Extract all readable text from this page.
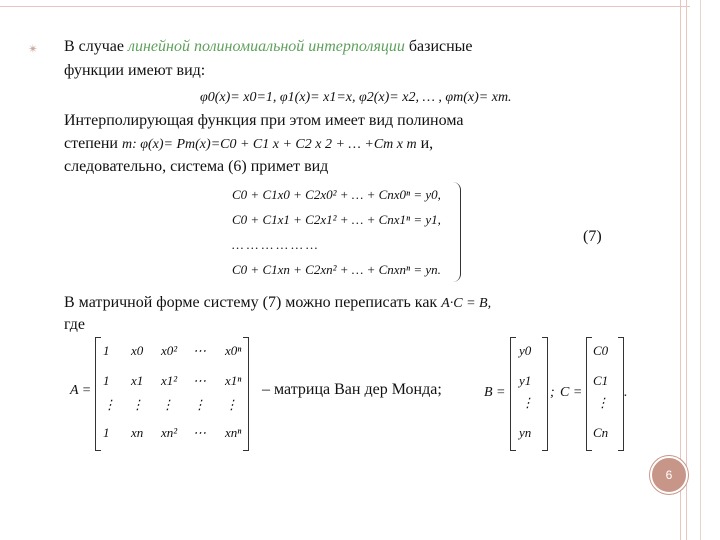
✴ В случае линейной полиномиальной интерполяции базисные
функции имеют вид:
φ0(x)= x0=1, φ1(x)= x1=x, φ2(x)= x2, … , φm(x)= xm.
Интерполирующая функция при этом имеет вид полинома
степени m: φ(x)= Pm(x)=C0 + C1 x + C2 x 2 + … +Cm x m и,
следовательно, система (6) примет вид
C0 + C1x0 + C2x0² + … + Cnx0ⁿ = y0,
C0 + C1x1 + C2x1² + … + Cnx1ⁿ = y1,
… … … … … …
C0 + C1xn + C2xn² + … + Cnxnⁿ = yn.
(7)
В матричной форме систему (7) можно переписать как A·C = B,
где
A =
1 x0 x0² ⋯ x0ⁿ
1 x1 x1² ⋯ x1ⁿ
⋮ ⋮ ⋮ ⋮ ⋮
1 xn xn² ⋯ xnⁿ
– матрица Ван дер Монда;	B =
y0
y1
⋮
yn
; C =
C0
C1
⋮
Cn
.
6
